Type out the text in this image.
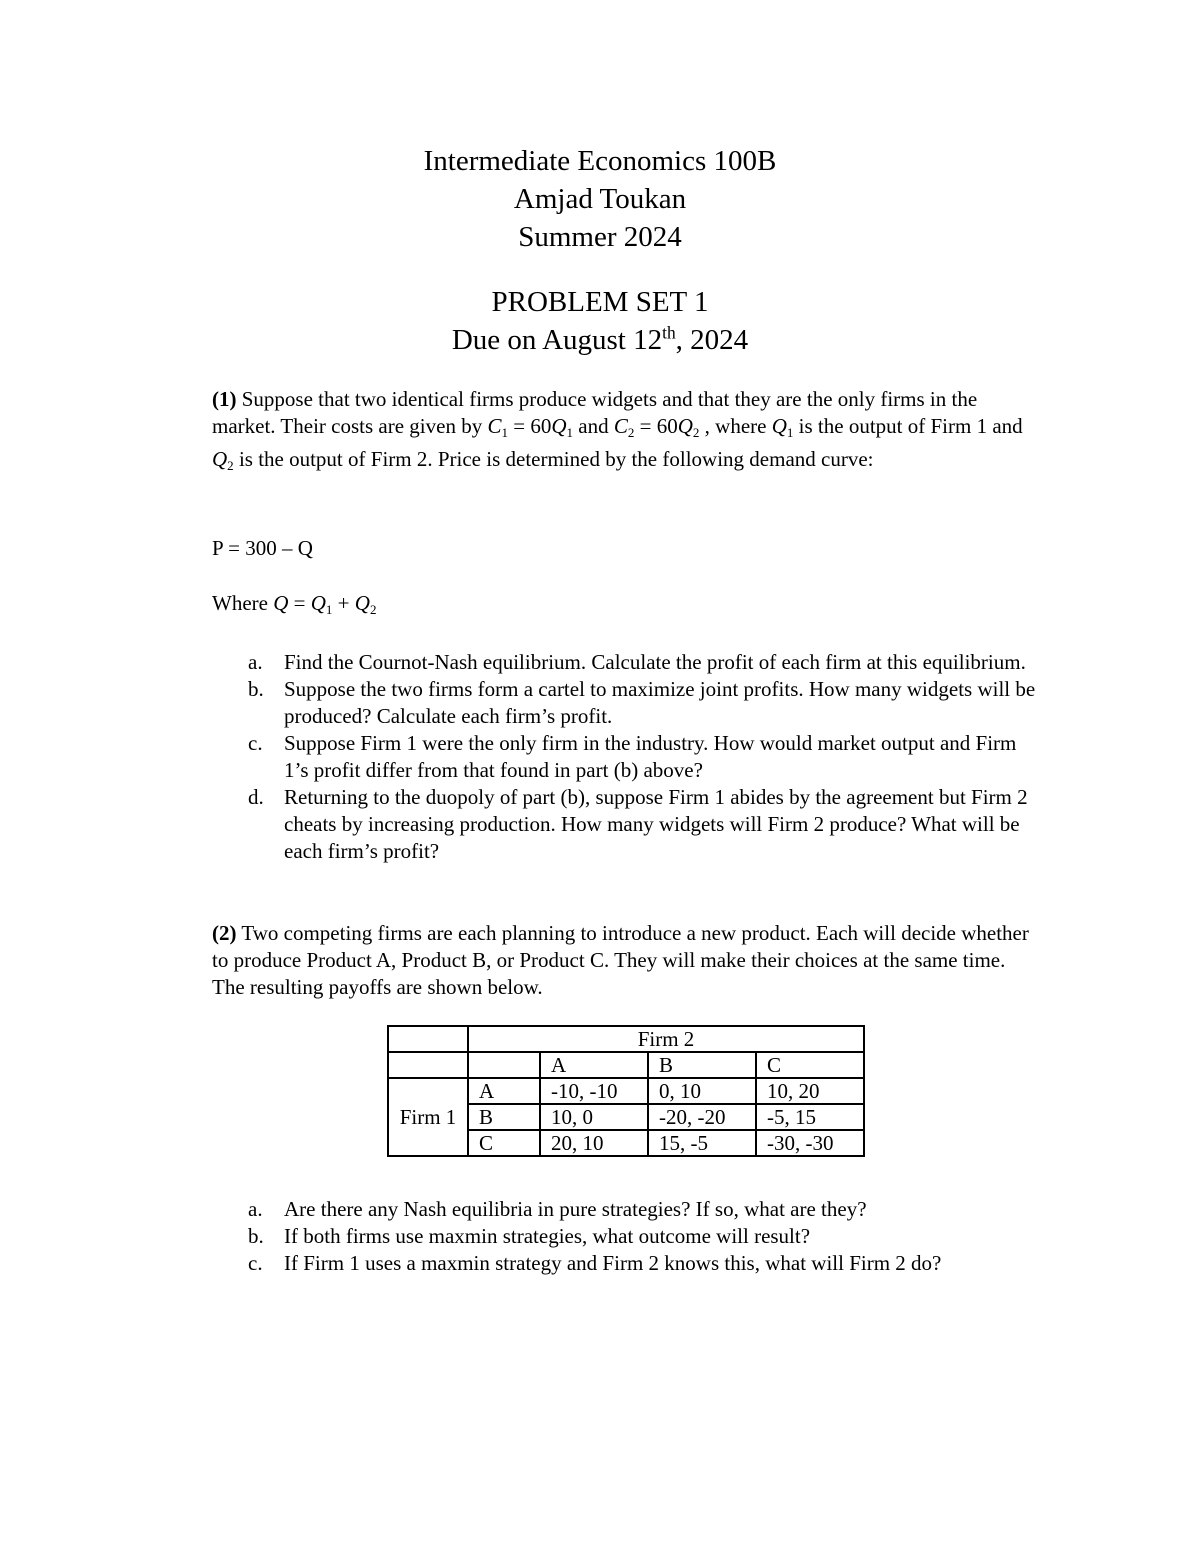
Intermediate Economics 100B
Amjad Toukan
Summer 2024
PROBLEM SET 1
Due on August 12th, 2024
(1) Suppose that two identical firms produce widgets and that they are the only firms in the market. Their costs are given by $C_1 = 60Q_1$ and $C_2 = 60Q_2$ , where $Q_1$ is the output of Firm 1 and $Q_2$ is the output of Firm 2. Price is determined by the following demand curve:
P = 300 – Q
Where $Q = Q_1 + Q_2$
a. Find the Cournot-Nash equilibrium. Calculate the profit of each firm at this equilibrium.
b. Suppose the two firms form a cartel to maximize joint profits. How many widgets will be produced? Calculate each firm’s profit.
c. Suppose Firm 1 were the only firm in the industry. How would market output and Firm 1’s profit differ from that found in part (b) above?
d. Returning to the duopoly of part (b), suppose Firm 1 abides by the agreement but Firm 2 cheats by increasing production. How many widgets will Firm 2 produce? What will be each firm’s profit?
(2) Two competing firms are each planning to introduce a new product. Each will decide whether to produce Product A, Product B, or Product C. They will make their choices at the same time. The resulting payoffs are shown below.
	Firm 2			
		A	B	C
Firm 1	A	-10, -10	0, 10	10, 20
	B	10, 0	-20, -20	-5, 15
	C	20, 10	15, -5	-30, -30
a. Are there any Nash equilibria in pure strategies? If so, what are they?
b. If both firms use maxmin strategies, what outcome will result?
c. If Firm 1 uses a maxmin strategy and Firm 2 knows this, what will Firm 2 do?
